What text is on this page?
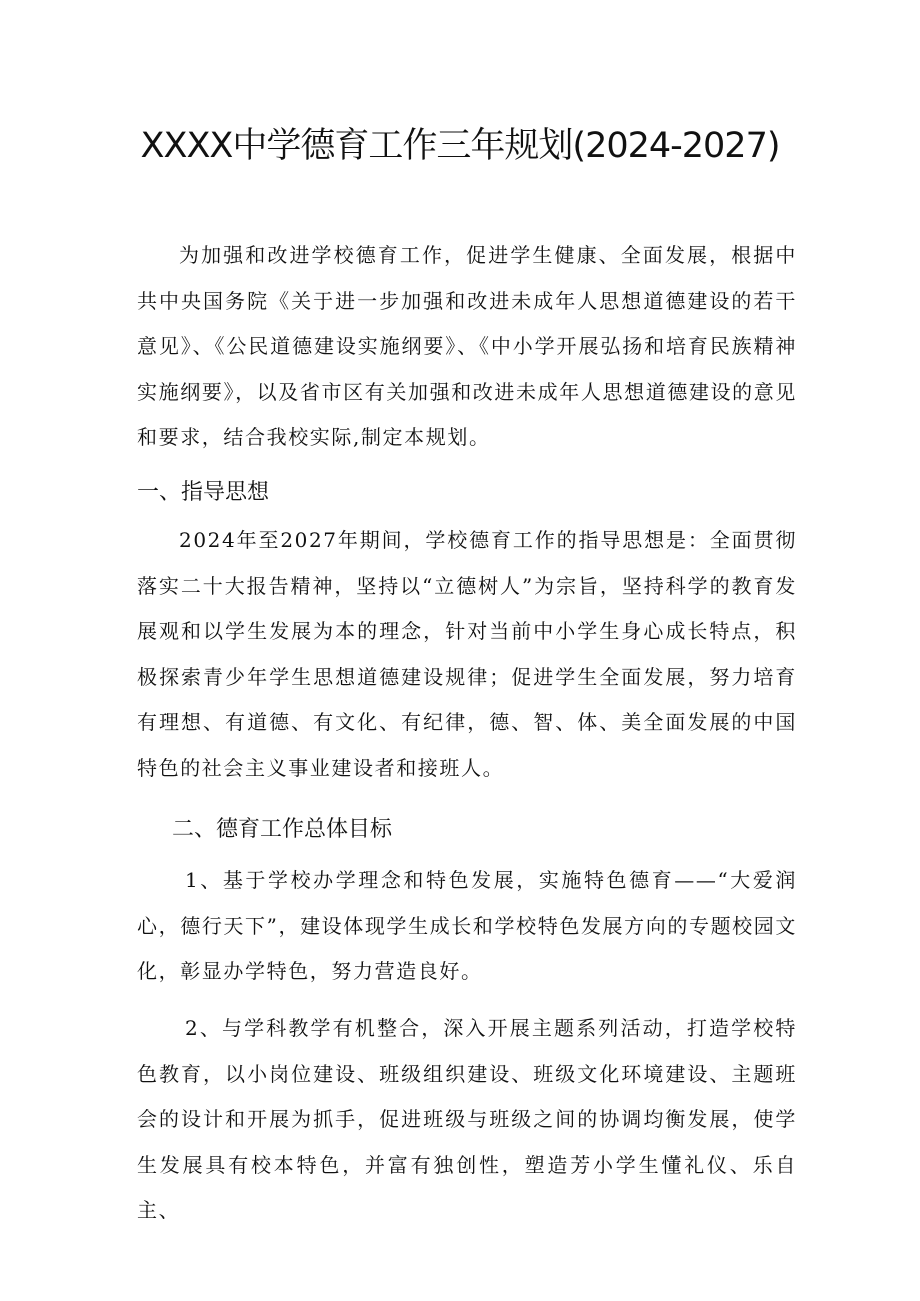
XXXX中学德育工作三年规划(2024-2027)

为加强和改进学校德育工作，促进学生健康、全面发展，根据中共中央国务院《关于进一步加强和改进未成年人思想道德建设的若干意见》、《公民道德建设实施纲要》、《中小学开展弘扬和培育民族精神实施纲要》，以及省市区有关加强和改进未成年人思想道德建设的意见和要求，结合我校实际,制定本规划。

一、指导思想

2024年至2027年期间，学校德育工作的指导思想是：全面贯彻落实二十大报告精神，坚持以“立德树人”为宗旨，坚持科学的教育发展观和以学生发展为本的理念，针对当前中小学生身心成长特点，积极探索青少年学生思想道德建设规律；促进学生全面发展，努力培育有理想、有道德、有文化、有纪律，德、智、体、美全面发展的中国特色的社会主义事业建设者和接班人。

二、德育工作总体目标

1、基于学校办学理念和特色发展，实施特色德育——“大爱润心，德行天下”，建设体现学生成长和学校特色发展方向的专题校园文化，彰显办学特色，努力营造良好。

2、与学科教学有机整合，深入开展主题系列活动，打造学校特色教育，以小岗位建设、班级组织建设、班级文化环境建设、主题班会的设计和开展为抓手，促进班级与班级之间的协调均衡发展，使学生发展具有校本特色，并富有独创性，塑造芳小学生懂礼仪、乐自主、
